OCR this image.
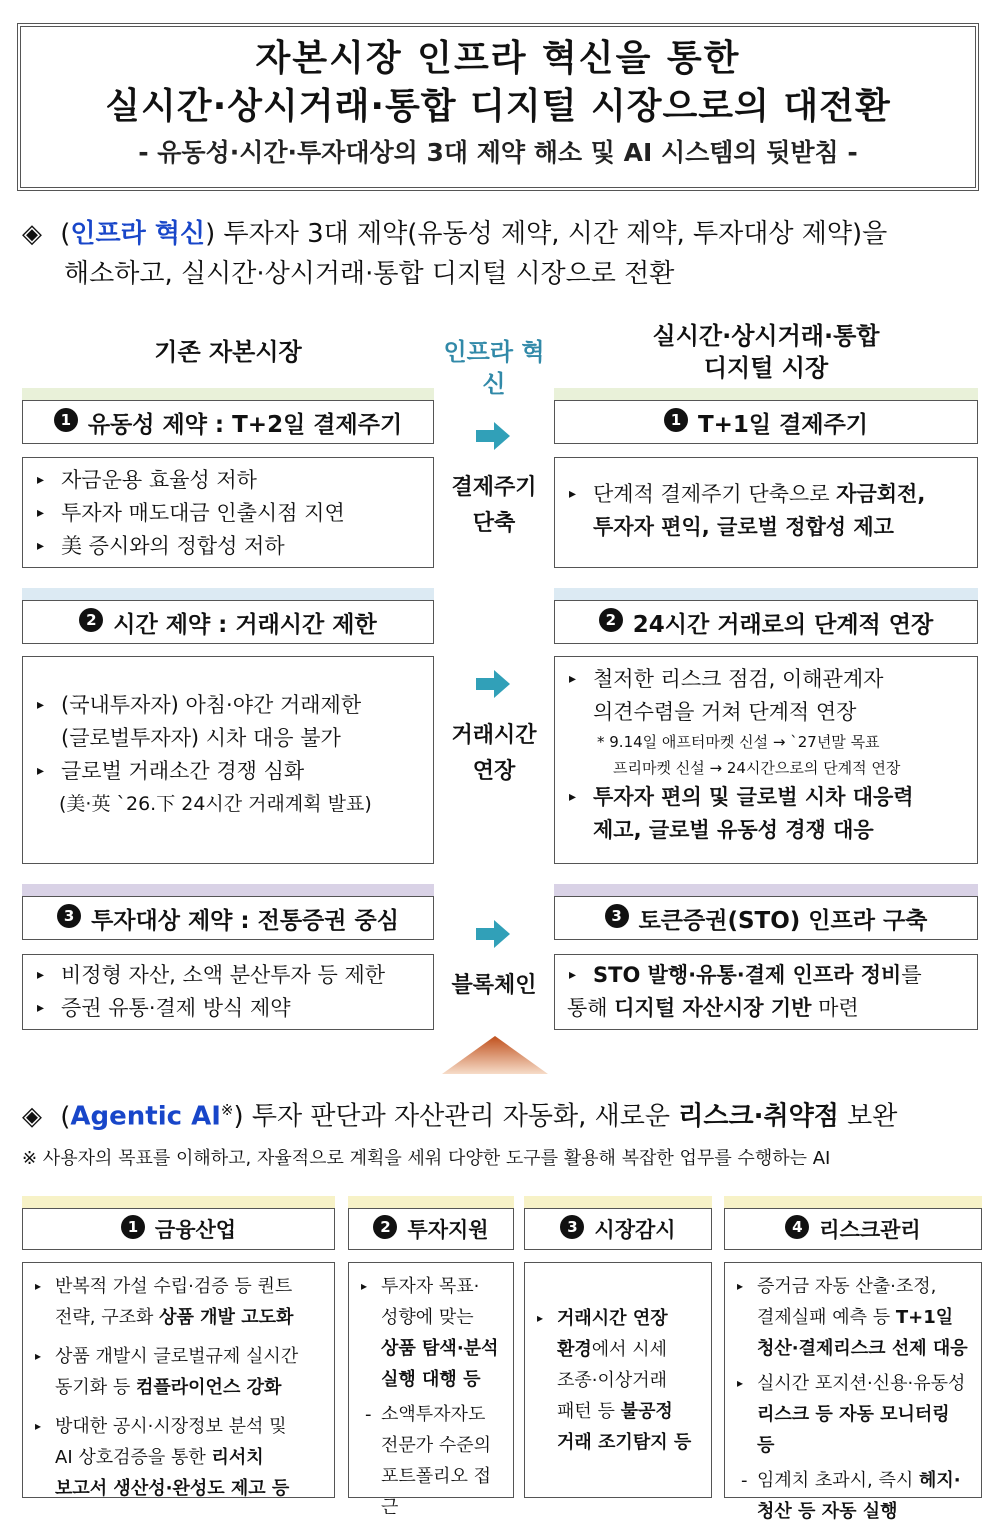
자본시장 인프라 혁신을 통한
실시간·상시거래·통합 디지털 시장으로의 대전환
- 유동성·시간·투자대상의 3대 제약 해소 및 AI 시스템의 뒷받침 -
◈ (인프라 혁신) 투자자 3대 제약(유동성 제약, 시간 제약, 투자대상 제약)을
해소하고, 실시간·상시거래·통합 디지털 시장으로 전환
기존 자본시장	인프라 혁신
실시간·상시거래·통합
디지털 시장
1 유동성 제약 : T+2일 결제주기
▸ 자금운용 효율성 저하
▸ 투자자 매도대금 인출시점 지연
▸ 美 증시와의 정합성 저하
결제주기
단축
1 T+1일 결제주기
▸ 단계적 결제주기 단축으로 자금회전,
투자자 편익, 글로벌 정합성 제고
2 시간 제약 : 거래시간 제한
▸ (국내투자자) 아침·야간 거래제한
(글로벌투자자) 시차 대응 불가
▸ 글로벌 거래소간 경쟁 심화
(美·英 `26.下 24시간 거래계획 발표)
거래시간
연장
2 24시간 거래로의 단계적 연장
▸ 철저한 리스크 점검, 이해관계자
의견수렴을 거쳐 단계적 연장
* 9.14일 애프터마켓 신설 → `27년말 목표
프리마켓 신설 → 24시간으로의 단계적 연장
▸ 투자자 편의 및 글로벌 시차 대응력
제고, 글로벌 유동성 경쟁 대응
3 투자대상 제약 : 전통증권 중심
▸ 비정형 자산, 소액 분산투자 등 제한
▸ 증권 유통·결제 방식 제약
블록체인
3 토큰증권(STO) 인프라 구축
▸ STO 발행·유통·결제 인프라 정비를
통해 디지털 자산시장 기반 마련
◈ (Agentic AI※) 투자 판단과 자산관리 자동화, 새로운 리스크·취약점 보완
※ 사용자의 목표를 이해하고, 자율적으로 계획을 세워 다양한 도구를 활용해 복잡한 업무를 수행하는 AI
1 금융산업
▸ 반복적 가설 수립·검증 등 퀀트
전략, 구조화 상품 개발 고도화
▸ 상품 개발시 글로벌규제 실시간
동기화 등 컴플라이언스 강화
▸ 방대한 공시·시장정보 분석 및
AI 상호검증을 통한 리서치
보고서 생산성·완성도 제고 등
2 투자지원
▸ 투자자 목표·
성향에 맞는
상품 탐색·분석
실행 대행 등
- 소액투자자도
전문가 수준의
포트폴리오 접근
3 시장감시
▸ 거래시간 연장
환경에서 시세
조종·이상거래
패턴 등 불공정
거래 조기탐지 등
4 리스크관리
▸ 증거금 자동 산출·조정,
결제실패 예측 등 T+1일
청산·결제리스크 선제 대응
▸ 실시간 포지션·신용·유동성
리스크 등 자동 모니터링 등
- 임계치 초과시, 즉시 헤지·
청산 등 자동 실행
